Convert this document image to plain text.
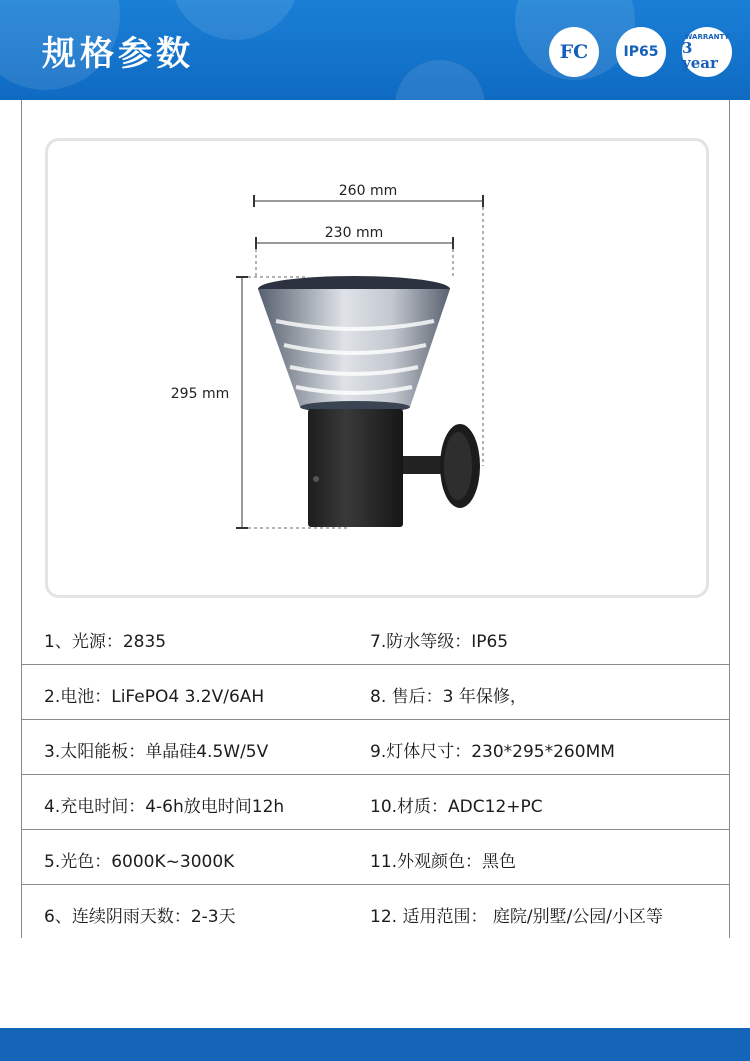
规格参数	FC	IP65
WARRANTY
3 year
260 mm
230 mm
295 mm
1、光源：2835	7.防水等级：IP65
2.电池：LiFePO4 3.2V/6AH	8. 售后：3 年保修，
3.太阳能板：单晶硅4.5W/5V	9.灯体尺寸：230*295*260MM
4.充电时间：4-6h放电时间12h	10.材质：ADC12+PC
5.光色：6000K~3000K	11.外观颜色：黑色
6、连续阴雨天数：2-3天	12. 适用范围： 庭院/别墅/公园/小区等
